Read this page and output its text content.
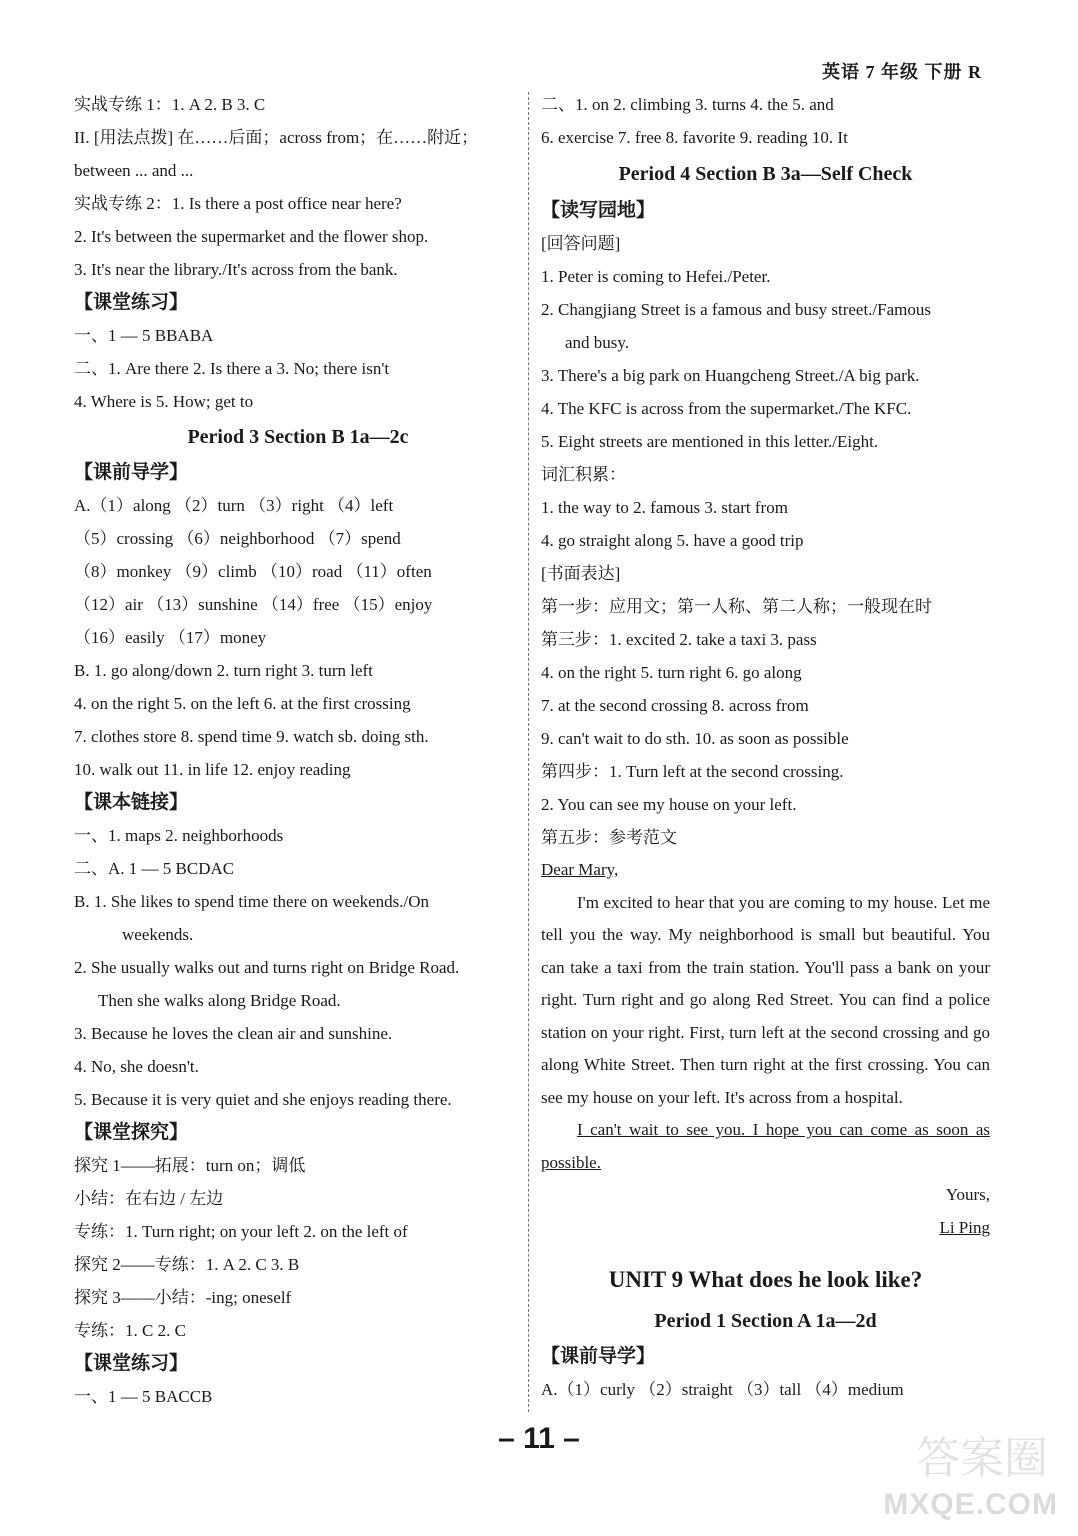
英语 7 年级 下册 R
实战专练 1：1. A 2. B 3. C
II. [用法点拨] 在……后面；across from；在……附近；
between ... and ...
实战专练 2：1. Is there a post office near here?
2. It's between the supermarket and the flower shop.
3. It's near the library./It's across from the bank.
【课堂练习】
一、1 — 5 BBABA
二、1. Are there 2. Is there a 3. No; there isn't
4. Where is 5. How; get to
Period 3 Section B 1a—2c
【课前导学】
A.（1）along （2）turn （3）right （4）left
（5）crossing （6）neighborhood （7）spend
（8）monkey （9）climb （10）road （11）often
（12）air （13）sunshine （14）free （15）enjoy
（16）easily （17）money
B. 1. go along/down 2. turn right 3. turn left
4. on the right 5. on the left 6. at the first crossing
7. clothes store 8. spend time 9. watch sb. doing sth.
10. walk out 11. in life 12. enjoy reading
【课本链接】
一、1. maps 2. neighborhoods
二、A. 1 — 5 BCDAC
B. 1. She likes to spend time there on weekends./On
weekends.
2. She usually walks out and turns right on Bridge Road.
Then she walks along Bridge Road.
3. Because he loves the clean air and sunshine.
4. No, she doesn't.
5. Because it is very quiet and she enjoys reading there.
【课堂探究】
探究 1——拓展：turn on；调低
小结：在右边 / 左边
专练：1. Turn right; on your left 2. on the left of
探究 2——专练：1. A 2. C 3. B
探究 3——小结：-ing; oneself
专练：1. C 2. C
【课堂练习】
一、1 — 5 BACCB
二、1. on 2. climbing 3. turns 4. the 5. and
6. exercise 7. free 8. favorite 9. reading 10. It
Period 4 Section B 3a—Self Check
【读写园地】
[回答问题]
1. Peter is coming to Hefei./Peter.
2. Changjiang Street is a famous and busy street./Famous
and busy.
3. There's a big park on Huangcheng Street./A big park.
4. The KFC is across from the supermarket./The KFC.
5. Eight streets are mentioned in this letter./Eight.
词汇积累：
1. the way to 2. famous 3. start from
4. go straight along 5. have a good trip
[书面表达]
第一步：应用文；第一人称、第二人称；一般现在时
第三步：1. excited 2. take a taxi 3. pass
4. on the right 5. turn right 6. go along
7. at the second crossing 8. across from
9. can't wait to do sth. 10. as soon as possible
第四步：1. Turn left at the second crossing.
2. You can see my house on your left.
第五步：参考范文

Dear Mary,

I'm excited to hear that you are coming to my house. Let me tell you the way. My neighborhood is small but beautiful. You can take a taxi from the train station. You'll pass a bank on your right. Turn right and go along Red Street. You can find a police station on your right. First, turn left at the second crossing and go along White Street. Then turn right at the first crossing. You can see my house on your left. It's across from a hospital.

I can't wait to see you. I hope you can come as soon as possible.

Yours,

Li Ping

UNIT 9 What does he look like?
Period 1 Section A 1a—2d
【课前导学】
A.（1）curly （2）straight （3）tall （4）medium
– 11 –	答案圈
MXQE.COM
